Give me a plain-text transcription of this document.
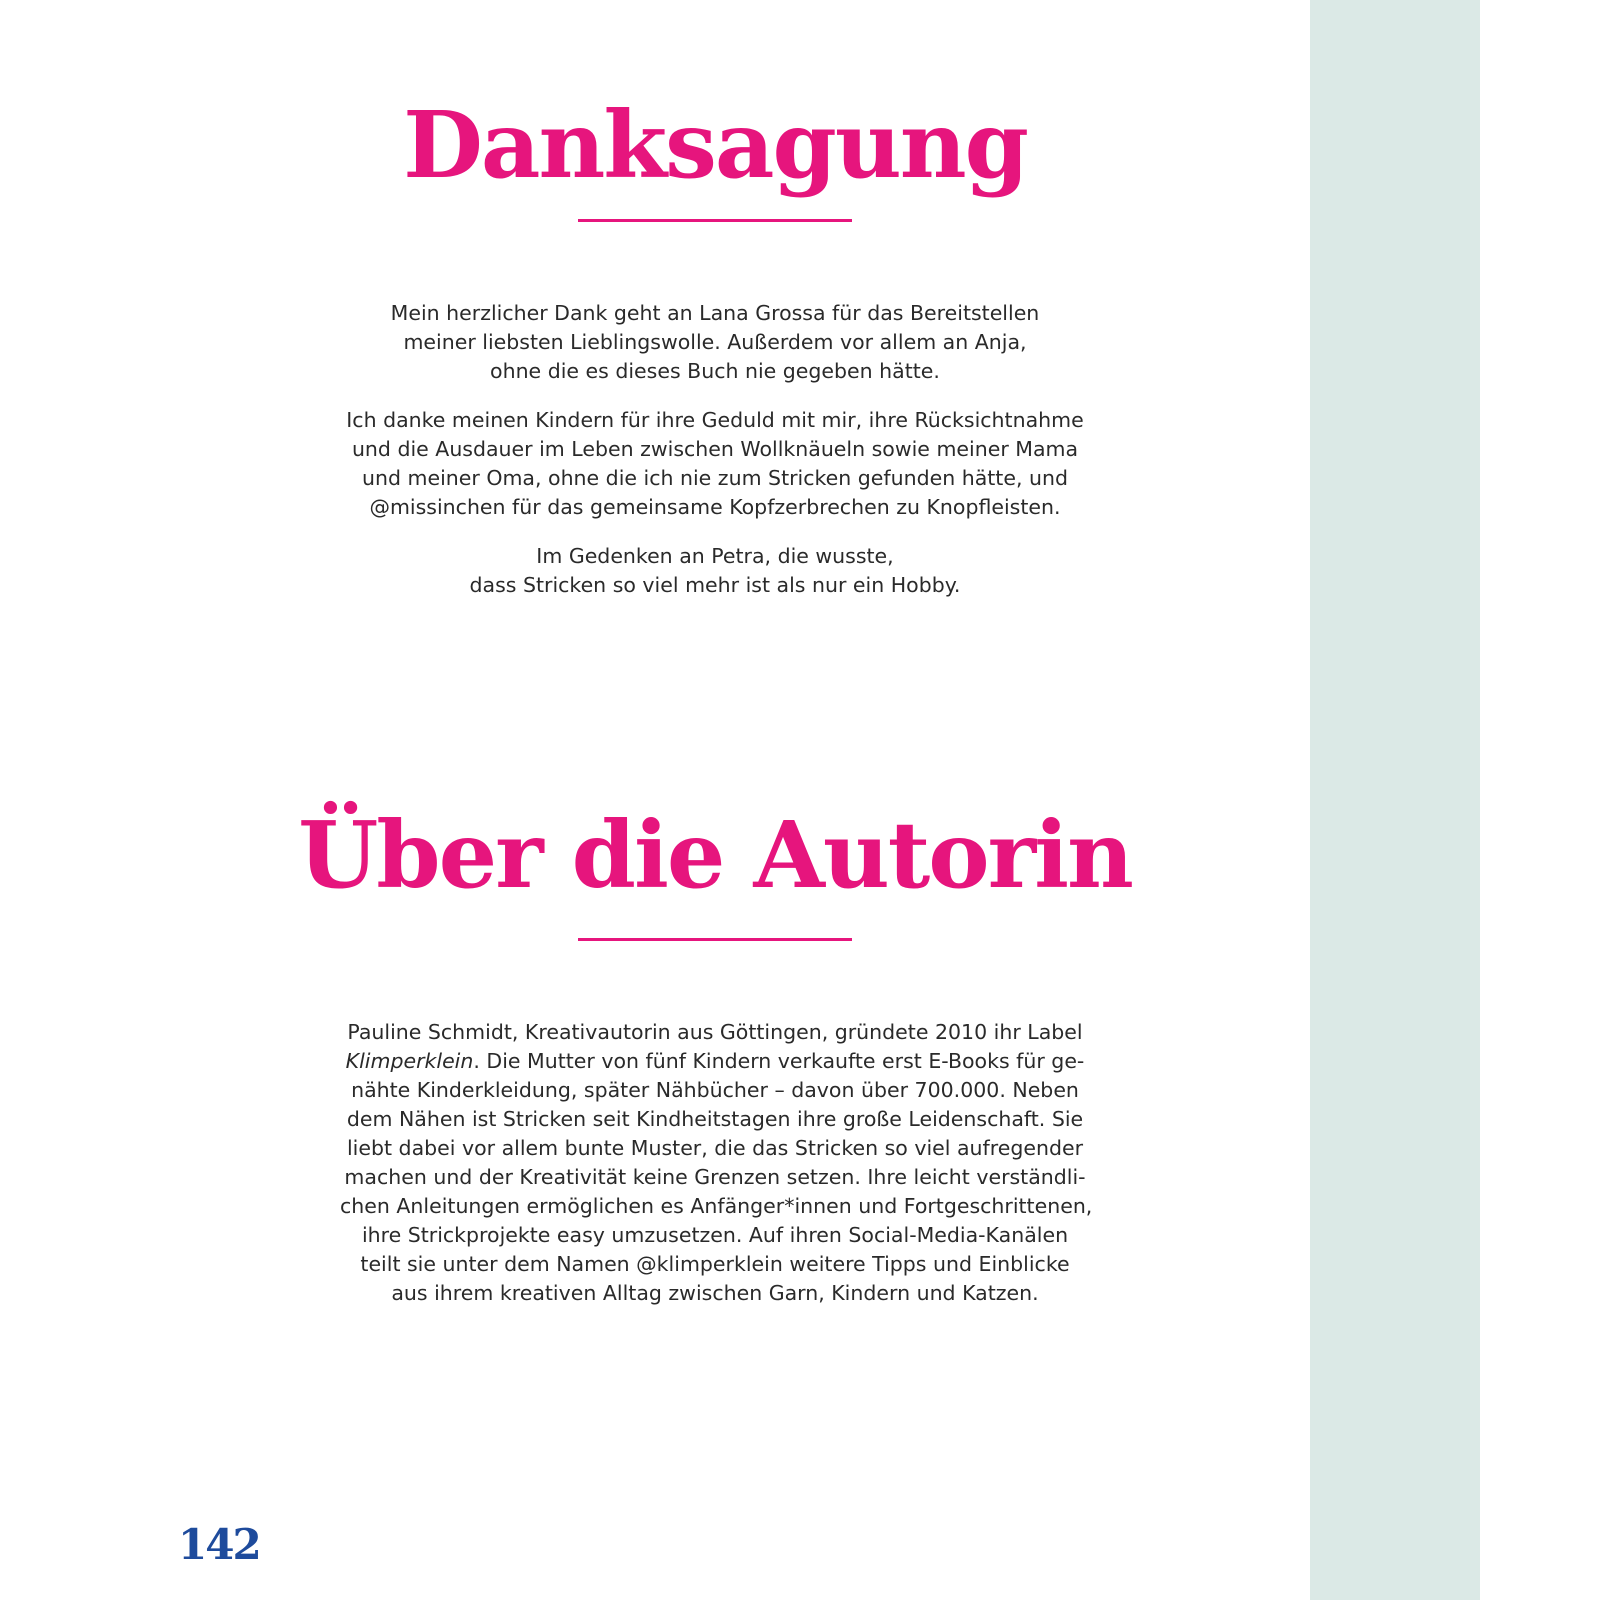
Danksagung

Mein herzlicher Dank geht an Lana Grossa für das Bereitstellen
meiner liebsten Lieblingswolle. Außerdem vor allem an Anja,
ohne die es dieses Buch nie gegeben hätte.

Ich danke meinen Kindern für ihre Geduld mit mir, ihre Rücksichtnahme
und die Ausdauer im Leben zwischen Wollknäueln sowie meiner Mama
und meiner Oma, ohne die ich nie zum Stricken gefunden hätte, und
@missinchen für das gemeinsame Kopfzerbrechen zu Knopfleisten.

Im Gedenken an Petra, die wusste,
dass Stricken so viel mehr ist als nur ein Hobby.

Über die Autorin
Pauline Schmidt, Kreativautorin aus Göttingen, gründete 2010 ihr Label
Klimperklein. Die Mutter von fünf Kindern verkaufte erst E-Books für ge-
nähte Kinderkleidung, später Nähbücher – davon über 700.000. Neben
dem Nähen ist Stricken seit Kindheitstagen ihre große Leidenschaft. Sie
liebt dabei vor allem bunte Muster, die das Stricken so viel aufregender
machen und der Kreativität keine Grenzen setzen. Ihre leicht verständli-
chen Anleitungen ermöglichen es Anfänger*innen und Fortgeschrittenen,
ihre Strickprojekte easy umzusetzen. Auf ihren Social-Media-Kanälen
teilt sie unter dem Namen @klimperklein weitere Tipps und Einblicke
aus ihrem kreativen Alltag zwischen Garn, Kindern und Katzen.
142
